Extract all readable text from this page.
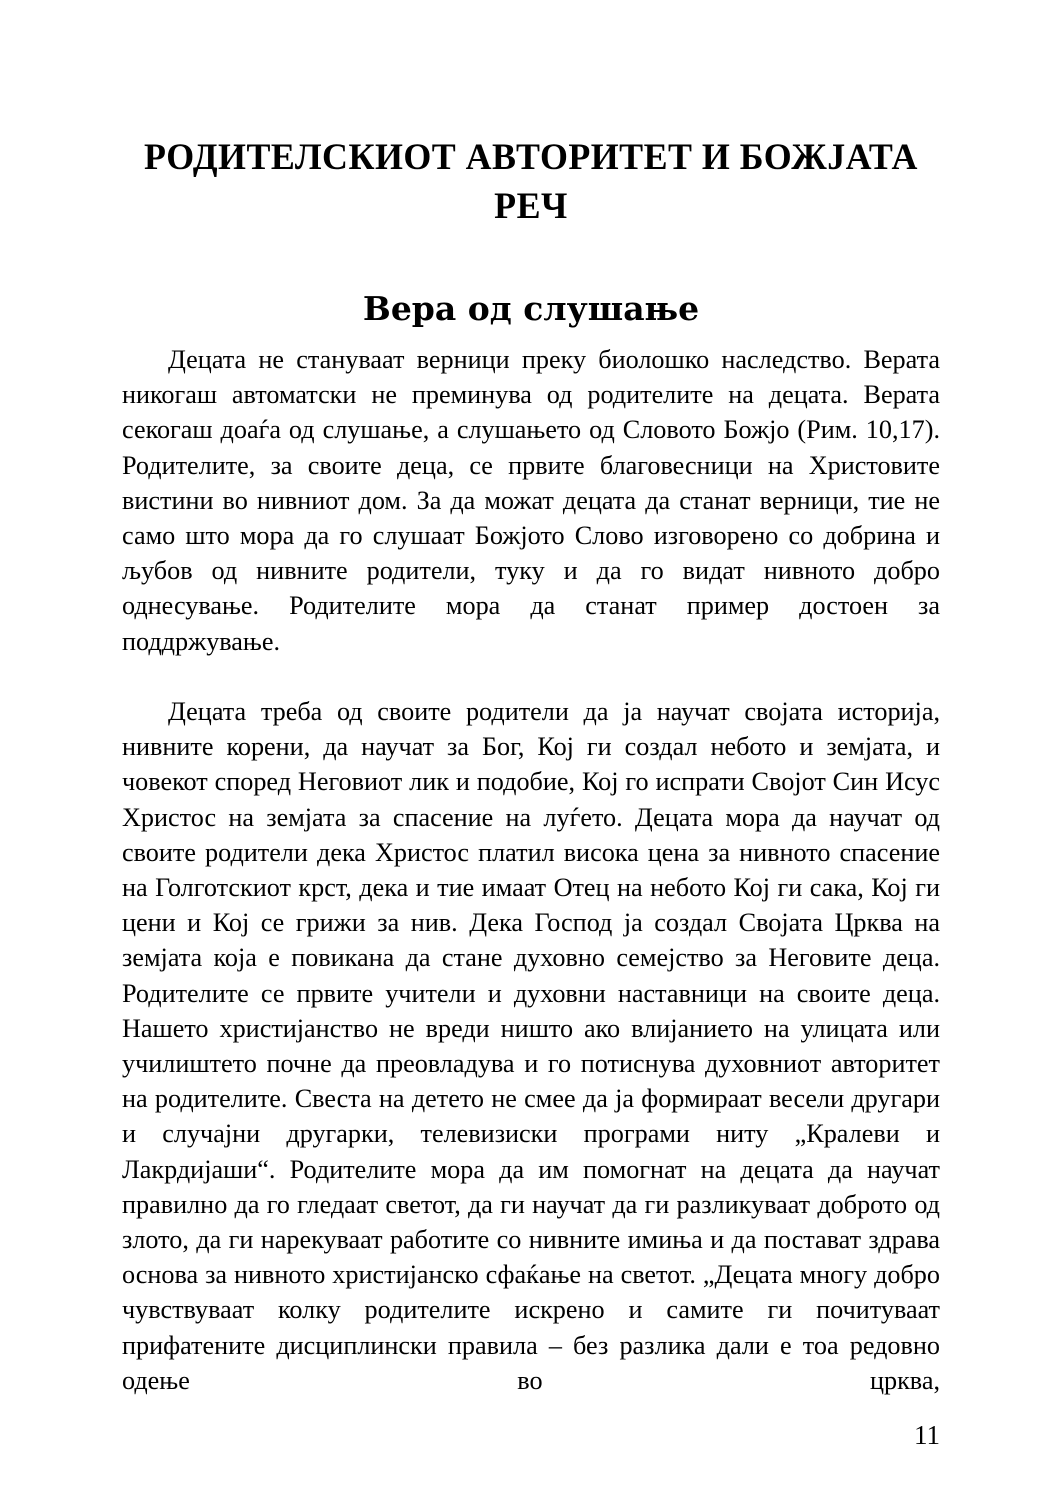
РОДИТЕЛСКИОТ АВТОРИТЕТ И БОЖЈАТА РЕЧ
Вера од слушање

Децата не стануваат верници преку биолошко наследство. Верата никогаш автоматски не преминува од родителите на децата. Верата секогаш доаѓа од слушање, а слушањето од Словото Божјо (Рим. 10,17). Родителите, за своите деца, се првите благовесници на Христовите вистини во нивниот дом. За да можат децата да станат верници, тие не само што мора да го слушаат Божјото Слово изговорено со добрина и љубов од нивните родители, туку и да го видат нивното добро однесување. Родителите мора да станат пример достоен за поддржување.

Децата треба од своите родители да ја научат својата историја, нивните корени, да научат за Бог, Кој ги создал небото и земјата, и човекот според Неговиот лик и подобие, Кој го испрати Својот Син Исус Христос на земјата за спасение на луѓето. Децата мора да научат од своите родители дека Христос платил висока цена за нивното спасение на Голготскиот крст, дека и тие имаат Отец на небото Кој ги сака, Кој ги цени и Кој се грижи за нив. Дека Господ ја создал Својата Црква на земјата која е повикана да стане духовно семејство за Неговите деца. Родителите се првите учители и духовни наставници на своите деца. Нашето христијанство не вреди ништо ако влијанието на улицата или училиштето почне да преовладува и го потиснува духовниот авторитет на родителите. Свеста на детето не смее да ја формираат весели другари и случајни другарки, телевизиски програми ниту „Кралеви и Лакрдијаши“. Родителите мора да им помогнат на децата да научат правилно да го гледаат светот, да ги научат да ги разликуваат доброто од злото, да ги нарекуваат работите со нивните имиња и да постават здрава основа за нивното христијанско сфаќање на светот. „Децата многу добро чувствуваат колку родителите искрено и самите ги почитуваат прифатените дисциплински правила – без разлика дали е тоа редовно одење во црква,

11
